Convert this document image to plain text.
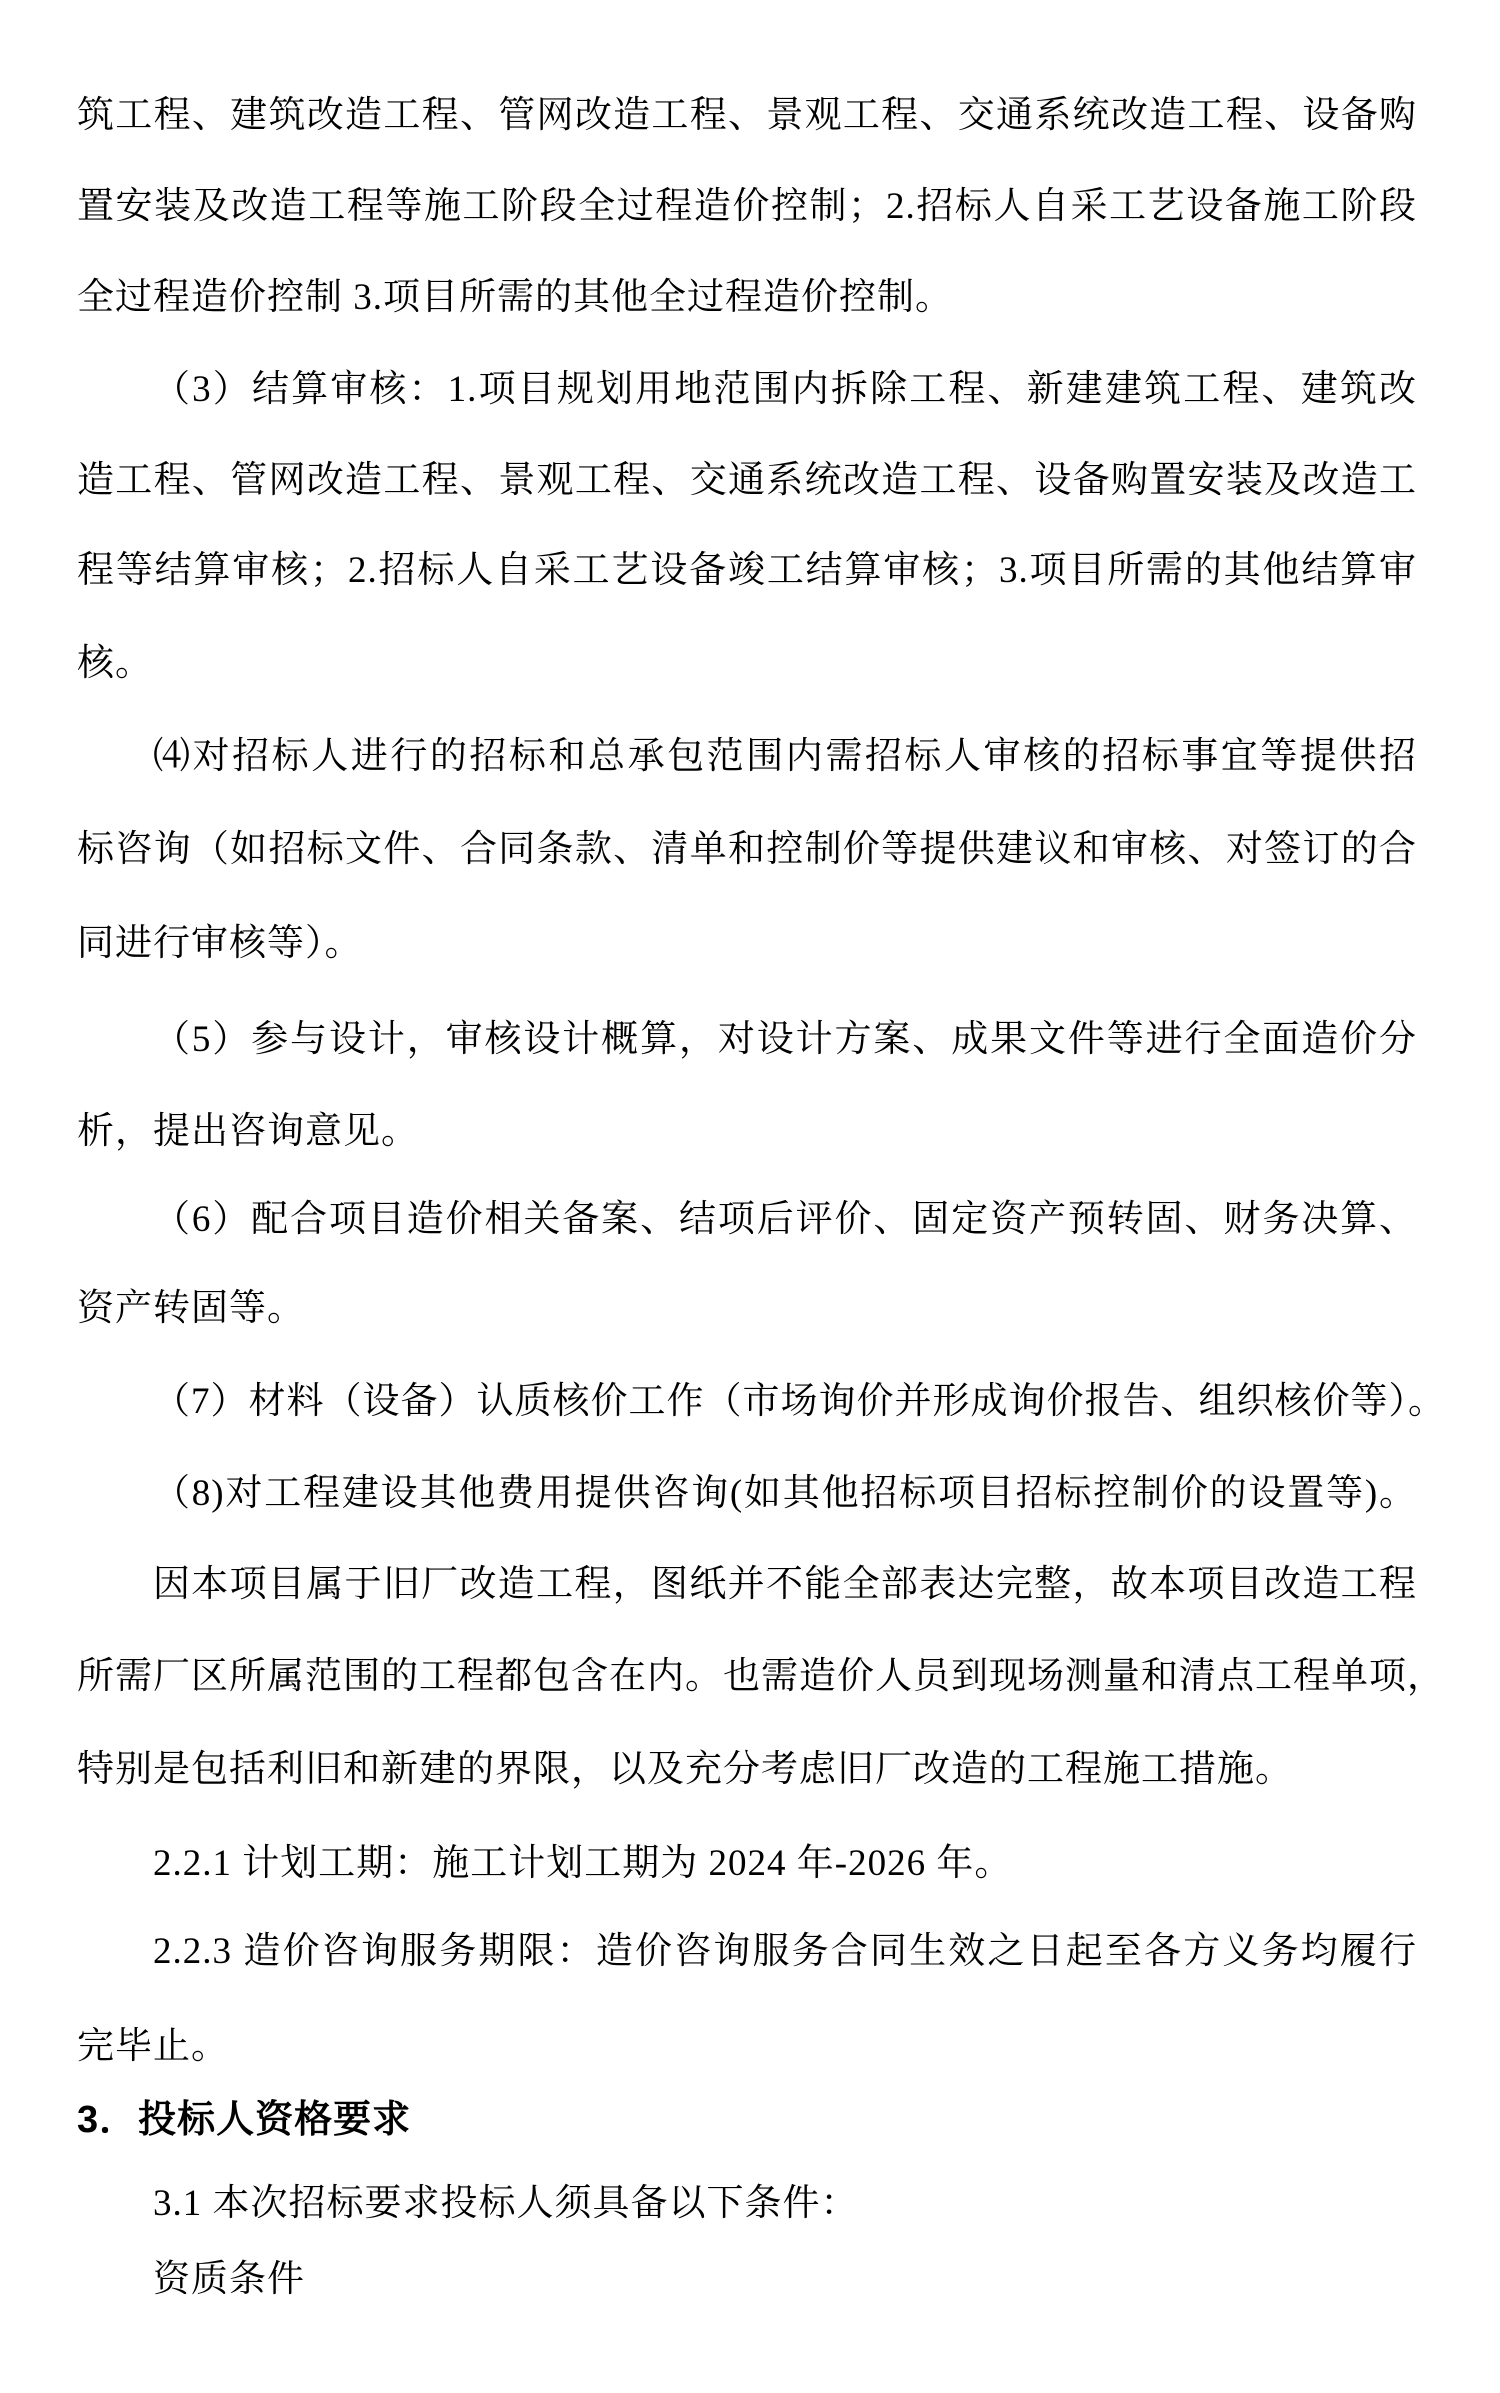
筑工程、建筑改造工程、管网改造工程、景观工程、交通系统改造工程、设备购
置安装及改造工程等施工阶段全过程造价控制；2.招标人自采工艺设备施工阶段
全过程造价控制 3.项目所需的其他全过程造价控制。
（3）结算审核：1.项目规划用地范围内拆除工程、新建建筑工程、建筑改
造工程、管网改造工程、景观工程、交通系统改造工程、设备购置安装及改造工
程等结算审核；2.招标人自采工艺设备竣工结算审核；3.项目所需的其他结算审
核。
⑷对招标人进行的招标和总承包范围内需招标人审核的招标事宜等提供招
标咨询（如招标文件、合同条款、清单和控制价等提供建议和审核、对签订的合
同进行审核等）。
（5）参与设计，审核设计概算，对设计方案、成果文件等进行全面造价分
析，提出咨询意见。
（6）配合项目造价相关备案、结项后评价、固定资产预转固、财务决算、
资产转固等。
（7）材料（设备）认质核价工作（市场询价并形成询价报告、组织核价等）。
（8)对工程建设其他费用提供咨询(如其他招标项目招标控制价的设置等)。
因本项目属于旧厂改造工程，图纸并不能全部表达完整，故本项目改造工程
所需厂区所属范围的工程都包含在内。也需造价人员到现场测量和清点工程单项，
特别是包括利旧和新建的界限，以及充分考虑旧厂改造的工程施工措施。
2.2.1 计划工期：施工计划工期为 2024 年-2026 年。
2.2.3 造价咨询服务期限：造价咨询服务合同生效之日起至各方义务均履行
完毕止。
3．投标人资格要求
3.1 本次招标要求投标人须具备以下条件：
资质条件
